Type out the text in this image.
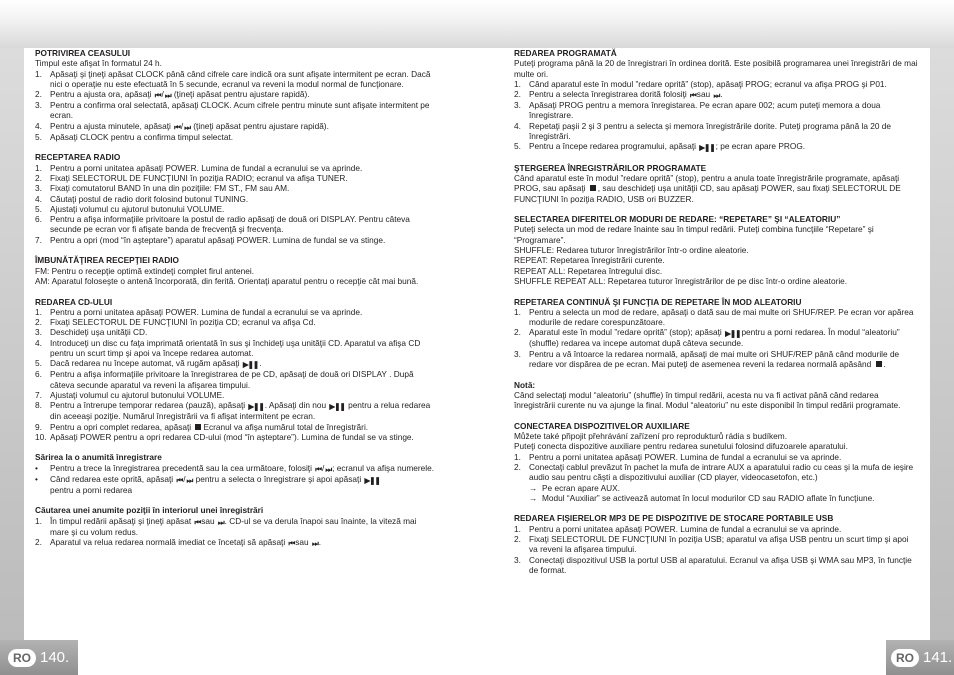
RO 140.	RO 141.
POTRIVIREA CEASULUI

Timpul este afişat în formatul 24 h.

1. Apăsaţi şi ţineţi apăsat CLOCK până când cifrele care indică ora sunt afişate intermitent pe ecran. Dacă nici o operaţie nu este efectuată în 5 secunde, ecranul va reveni la modul normal de funcţionare.
2. Pentru a ajusta ora, apăsaţi ⏮/⏭ (ţineţi apăsat pentru ajustare rapidă).
3. Pentru a confirma oral selectată, apăsaţi CLOCK. Acum cifrele pentru minute sunt afişate intermitent pe ecran.
4. Pentru a ajusta minutele, apăsaţi ⏮/⏭ (ţineţi apăsat pentru ajustare rapidă).
5. Apăsaţi CLOCK pentru a confirma timpul selectat.
RECEPTAREA RADIO
1. Pentru a porni unitatea apăsaţi POWER. Lumina de fundal a ecranului se va aprinde.
2. Fixaţi SELECTORUL DE FUNCŢIUNI în poziţia RADIO; ecranul va afişa TUNER.
3. Fixaţi comutatorul BAND în una din poziţiile: FM ST., FM sau AM.
4. Căutaţi postul de radio dorit folosind butonul TUNING.
5. Ajustaţi volumul cu ajutorul butonului VOLUME.
6. Pentru a afişa informaţiile privitoare la postul de radio apăsaţi de două ori DISPLAY. Pentru câteva secunde pe ecran vor fi afişate banda de frecvenţă şi frecvenţa.
7. Pentru a opri (mod “în aşteptare”) aparatul apăsaţi POWER. Lumina de fundal se va stinge.
ÎMBUNĂTĂŢIREA RECEPŢIEI RADIO

FM: Pentru o recepţie optimă extindeţi complet firul antenei.

AM: Aparatul foloseşte o antenă încorporată, din ferită. Orientaţi aparatul pentru o recepţie cât mai bună.

REDAREA CD-ULUI
1. Pentru a porni unitatea apăsaţi POWER. Lumina de fundal a ecranului se va aprinde.
2. Fixaţi SELECTORUL DE FUNCŢIUNI în poziţia CD; ecranul va afişa Cd.
3. Deschideţi uşa unităţii CD.
4. Introduceţi un disc cu faţa imprimată orientată în sus şi închideţi uşa unităţii CD. Aparatul va afişa CD pentru un scurt timp şi apoi va începe redarea automat.
5. Dacă redarea nu începe automat, vă rugăm apăsaţi ▶❚❚.
6. Pentru a afişa informaţiile privitoare la înregistrarea de pe CD, apăsaţi de două ori DISPLAY . După câteva secunde aparatul va reveni la afişarea timpului.
7. Ajustaţi volumul cu ajutorul butonului VOLUME.
8. Pentru a întrerupe temporar redarea (pauză), apăsaţi ▶❚❚. Apăsaţi din nou ▶❚❚ pentru a relua redarea din aceeaşi poziţie. Numărul înregistrării va fi afişat intermitent pe ecran.
9. Pentru a opri complet redarea, apăsaţi Ecranul va afişa numărul total de înregistrări.
10. Apăsaţi POWER pentru a opri redarea CD-ului (mod “în aşteptare”). Lumina de fundal se va stinge.
Sărirea la o anumită înregistrare
• Pentru a trece la înregistrarea precedentă sau la cea următoare, folosiţi ⏮/⏭; ecranul va afişa numerele.
• Când redarea este oprită, apăsaţi ⏮/⏭ pentru a selecta o înregistrare şi apoi apăsaţi ▶❚❚
pentru a porni redarea
Căutarea unei anumite poziţii în interiorul unei înregistrări
1. În timpul redării apăsaţi şi ţineţi apăsat ⏮sau ⏭. CD-ul se va derula înapoi sau înainte, la viteză mai mare şi cu volum redus.
2. Aparatul va relua redarea normală imediat ce încetaţi să apăsaţi ⏮sau ⏭.
REDAREA PROGRAMATĂ

Puteţi programa până la 20 de înregistrari în ordinea dorită. Este posibilă programarea unei înregistrări de mai multe ori.

1. Când aparatul este în modul ”redare oprită” (stop), apăsaţi PROG; ecranul va afişa PROG şi P01.
2. Pentru a selecta înregistrarea dorită folosiţi ⏮sau ⏭.
3. Apăsaţi PROG pentru a memora înregistarea. Pe ecran apare 002; acum puteţi memora a doua înregistrare.
4. Repetaţi paşii 2 şi 3 pentru a selecta şi memora înregistrările dorite. Puteţi programa până la 20 de înregistrări.
5. Pentru a începe redarea programului, apăsaţi ▶❚❚; pe ecran apare PROG.
ŞTERGEREA ÎNREGISTRĂRILOR PROGRAMATE

Când aparatul este în modul ”redare oprită” (stop), pentru a anula toate înregistrările programate, apăsaţi PROG, sau apăsaţi , sau deschideţi uşa unităţii CD, sau apăsaţi POWER, sau fixaţi SELECTORUL DE FUNCŢIUNI în poziţia RADIO, USB ori BUZZER.

SELECTAREA DIFERITELOR MODURI DE REDARE: “REPETARE” ŞI “ALEATORIU”

Puteţi selecta un mod de redare înainte sau în timpul redării. Puteţi combina funcţiile “Repetare” şi “Programare”.

SHUFFLE: Redarea tuturor înregistrărilor într-o ordine aleatorie.

REPEAT: Repetarea înregistrării curente.

REPEAT ALL: Repetarea întregului disc.

SHUFFLE REPEAT ALL: Repetarea tuturor înregistrărilor de pe disc într-o ordine aleatorie.

REPETAREA CONTINUĂ ŞI FUNCŢIA DE REPETARE ÎN MOD ALEATORIU
1. Pentru a selecta un mod de redare, apăsaţi o dată sau de mai multe ori SHUF/REP. Pe ecran vor apărea modurile de redare corespunzătoare.
2. Aparatul este în modul ”redare oprită” (stop); apăsaţi ▶❚❚pentru a porni redarea. În modul “aleatoriu” (shuffle) redarea va incepe automat după câteva secunde.
3. Pentru a vă întoarce la redarea normală, apăsaţi de mai multe ori SHUF/REP până când modurile de redare vor dispărea de pe ecran. Mai puteţi de asemenea reveni la redarea normală apăsând .
Notă:

Când selectaţi modul “aleatoriu” (shuffle) în timpul redării, acesta nu va fi activat până când redarea înregistrării curente nu va ajunge la final. Modul “aleatoriu” nu este disponibil în timpul redării programate.

CONECTAREA DISPOZITIVELOR AUXILIARE

Můžete také připojit přehrávání zařízení pro reprodukturů rádia s budíkem.

Puteţi conecta dispozitive auxiliare pentru redarea sunetului folosind difuzoarele aparatului.

1. Pentru a porni unitatea apăsaţi POWER. Lumina de fundal a ecranului se va aprinde.
2. Conectaţi cablul prevăzut în pachet la mufa de intrare AUX a aparatului radio cu ceas şi la mufa de ieşire audio sau pentru căşti a dispozitivului auxiliar (CD player, videocasetofon, etc.)
→ Pe ecran apare AUX.
→ Modul “Auxiliar” se activează automat în locul modurilor CD sau RADIO aflate în funcţiune.
REDAREA FIŞIERELOR MP3 DE PE DISPOZITIVE DE STOCARE PORTABILE USB
1. Pentru a porni unitatea apăsaţi POWER. Lumina de fundal a ecranului se va aprinde.
2. Fixaţi SELECTORUL DE FUNCŢIUNI în poziţia USB; aparatul va afişa USB pentru un scurt timp şi apoi va reveni la afişarea timpului.
3. Conectaţi dispozitivul USB la portul USB al aparatului. Ecranul va afişa USB şi WMA sau MP3, în funcţie de format.
